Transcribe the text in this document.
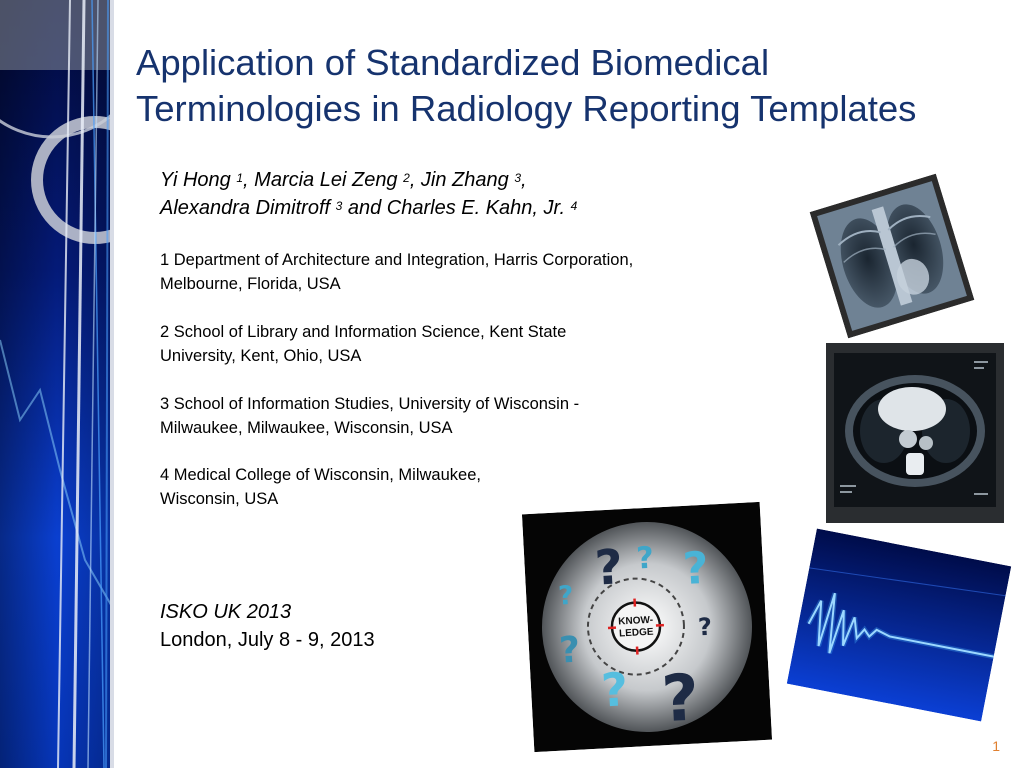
Application of Standardized Biomedical
Terminologies in Radiology Reporting Templates
Yi Hong $^1$, Marcia Lei Zeng $^2$, Jin Zhang $^3$,
Alexandra Dimitroff $^3$ and Charles E. Kahn, Jr. $^4$
1 Department of Architecture and Integration, Harris Corporation,
Melbourne, Florida, USA
2 School of Library and Information Science, Kent State
University, Kent, Ohio, USA
3 School of Information Studies, University of Wisconsin -
Milwaukee, Milwaukee, Wisconsin, USA
4 Medical College of Wisconsin, Milwaukee,
Wisconsin, USA
ISKO UK 2013
London, July 8 - 9, 2013
KNOW-
LEDGE
? ? ?
?
?
?
? ?
1
